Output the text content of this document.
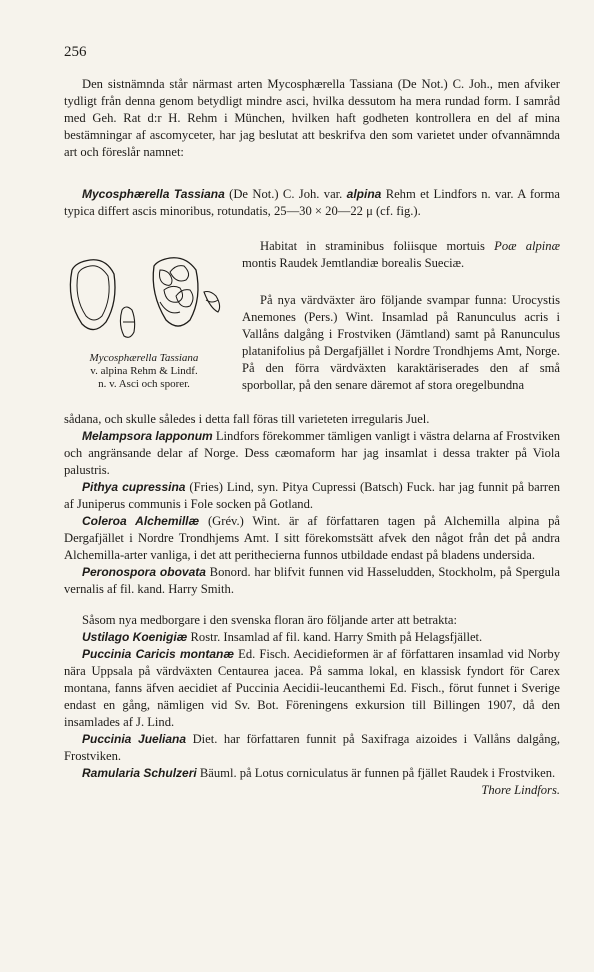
256

Den sistnämnda står närmast arten Mycosphærella Tassiana (De Not.) C. Joh., men afviker tydligt från denna genom betydligt mindre asci, hvilka dessutom ha mera rundad form. I samråd med Geh. Rat d:r H. Rehm i München, hvilken haft godheten kontrollera en del af mina bestämningar af ascomyceter, har jag beslutat att beskrifva den som varietet under ofvannämnda art och föreslår namnet:

Mycosphærella Tassiana (De Not.) C. Joh. var. alpina Rehm et Lindfors n. var. A forma typica differt ascis minoribus, rotundatis, 25—30 × 20—22 μ (cf. fig.).

Habitat in straminibus foliisque mortuis Poæ alpinæ montis Raudek Jemtlandiæ borealis Sueciæ.

Mycosphærella Tassiana
v. alpina Rehm & Lindf.
n. v. Asci och sporer.

På nya värdväxter äro följande svampar funna: Urocystis Anemones (Pers.) Wint. Insamlad på Ranunculus acris i Vallåns dalgång i Frostviken (Jämtland) samt på Ranunculus platanifolius på Dergafjället i Nordre Trondhjems Amt, Norge. På den förra värdväxten karaktäriserades den af små sporbollar, på den senare däremot af stora oregelbundna

sådana, och skulle således i detta fall föras till varieteten irregularis Juel.

Melampsora lapponum Lindfors förekommer tämligen vanligt i västra delarna af Frostviken och angränsande delar af Norge. Dess cæomaform har jag insamlat i dessa trakter på Viola palustris.

Pithya cupressina (Fries) Lind, syn. Pitya Cupressi (Batsch) Fuck. har jag funnit på barren af Juniperus communis i Fole socken på Gotland.

Coleroa Alchemillæ (Grév.) Wint. är af författaren tagen på Alchemilla alpina på Dergafjället i Nordre Trondhjems Amt. I sitt förekomstsätt afvek den något från det på andra Alchemilla-arter vanliga, i det att perithecierna funnos utbildade endast på bladens undersida.

Peronospora obovata Bonord. har blifvit funnen vid Hasseludden, Stockholm, på Spergula vernalis af fil. kand. Harry Smith.

Såsom nya medborgare i den svenska floran äro följande arter att betrakta:

Ustilago Koenigiæ Rostr. Insamlad af fil. kand. Harry Smith på Helagsfjället.

Puccinia Caricis montanæ Ed. Fisch. Aecidieformen är af författaren insamlad vid Norby nära Uppsala på värdväxten Centaurea jacea. På samma lokal, en klassisk fyndort för Carex montana, fanns äfven aecidiet af Puccinia Aecidii-leucanthemi Ed. Fisch., förut funnet i Sverige endast en gång, nämligen vid Sv. Bot. Föreningens exkursion till Billingen 1907, då den insamlades af J. Lind.

Puccinia Jueliana Diet. har författaren funnit på Saxifraga aizoides i Vallåns dalgång, Frostviken.

Ramularia Schulzeri Bäuml. på Lotus corniculatus är funnen på fjället Raudek i Frostviken.
Thore Lindfors.
